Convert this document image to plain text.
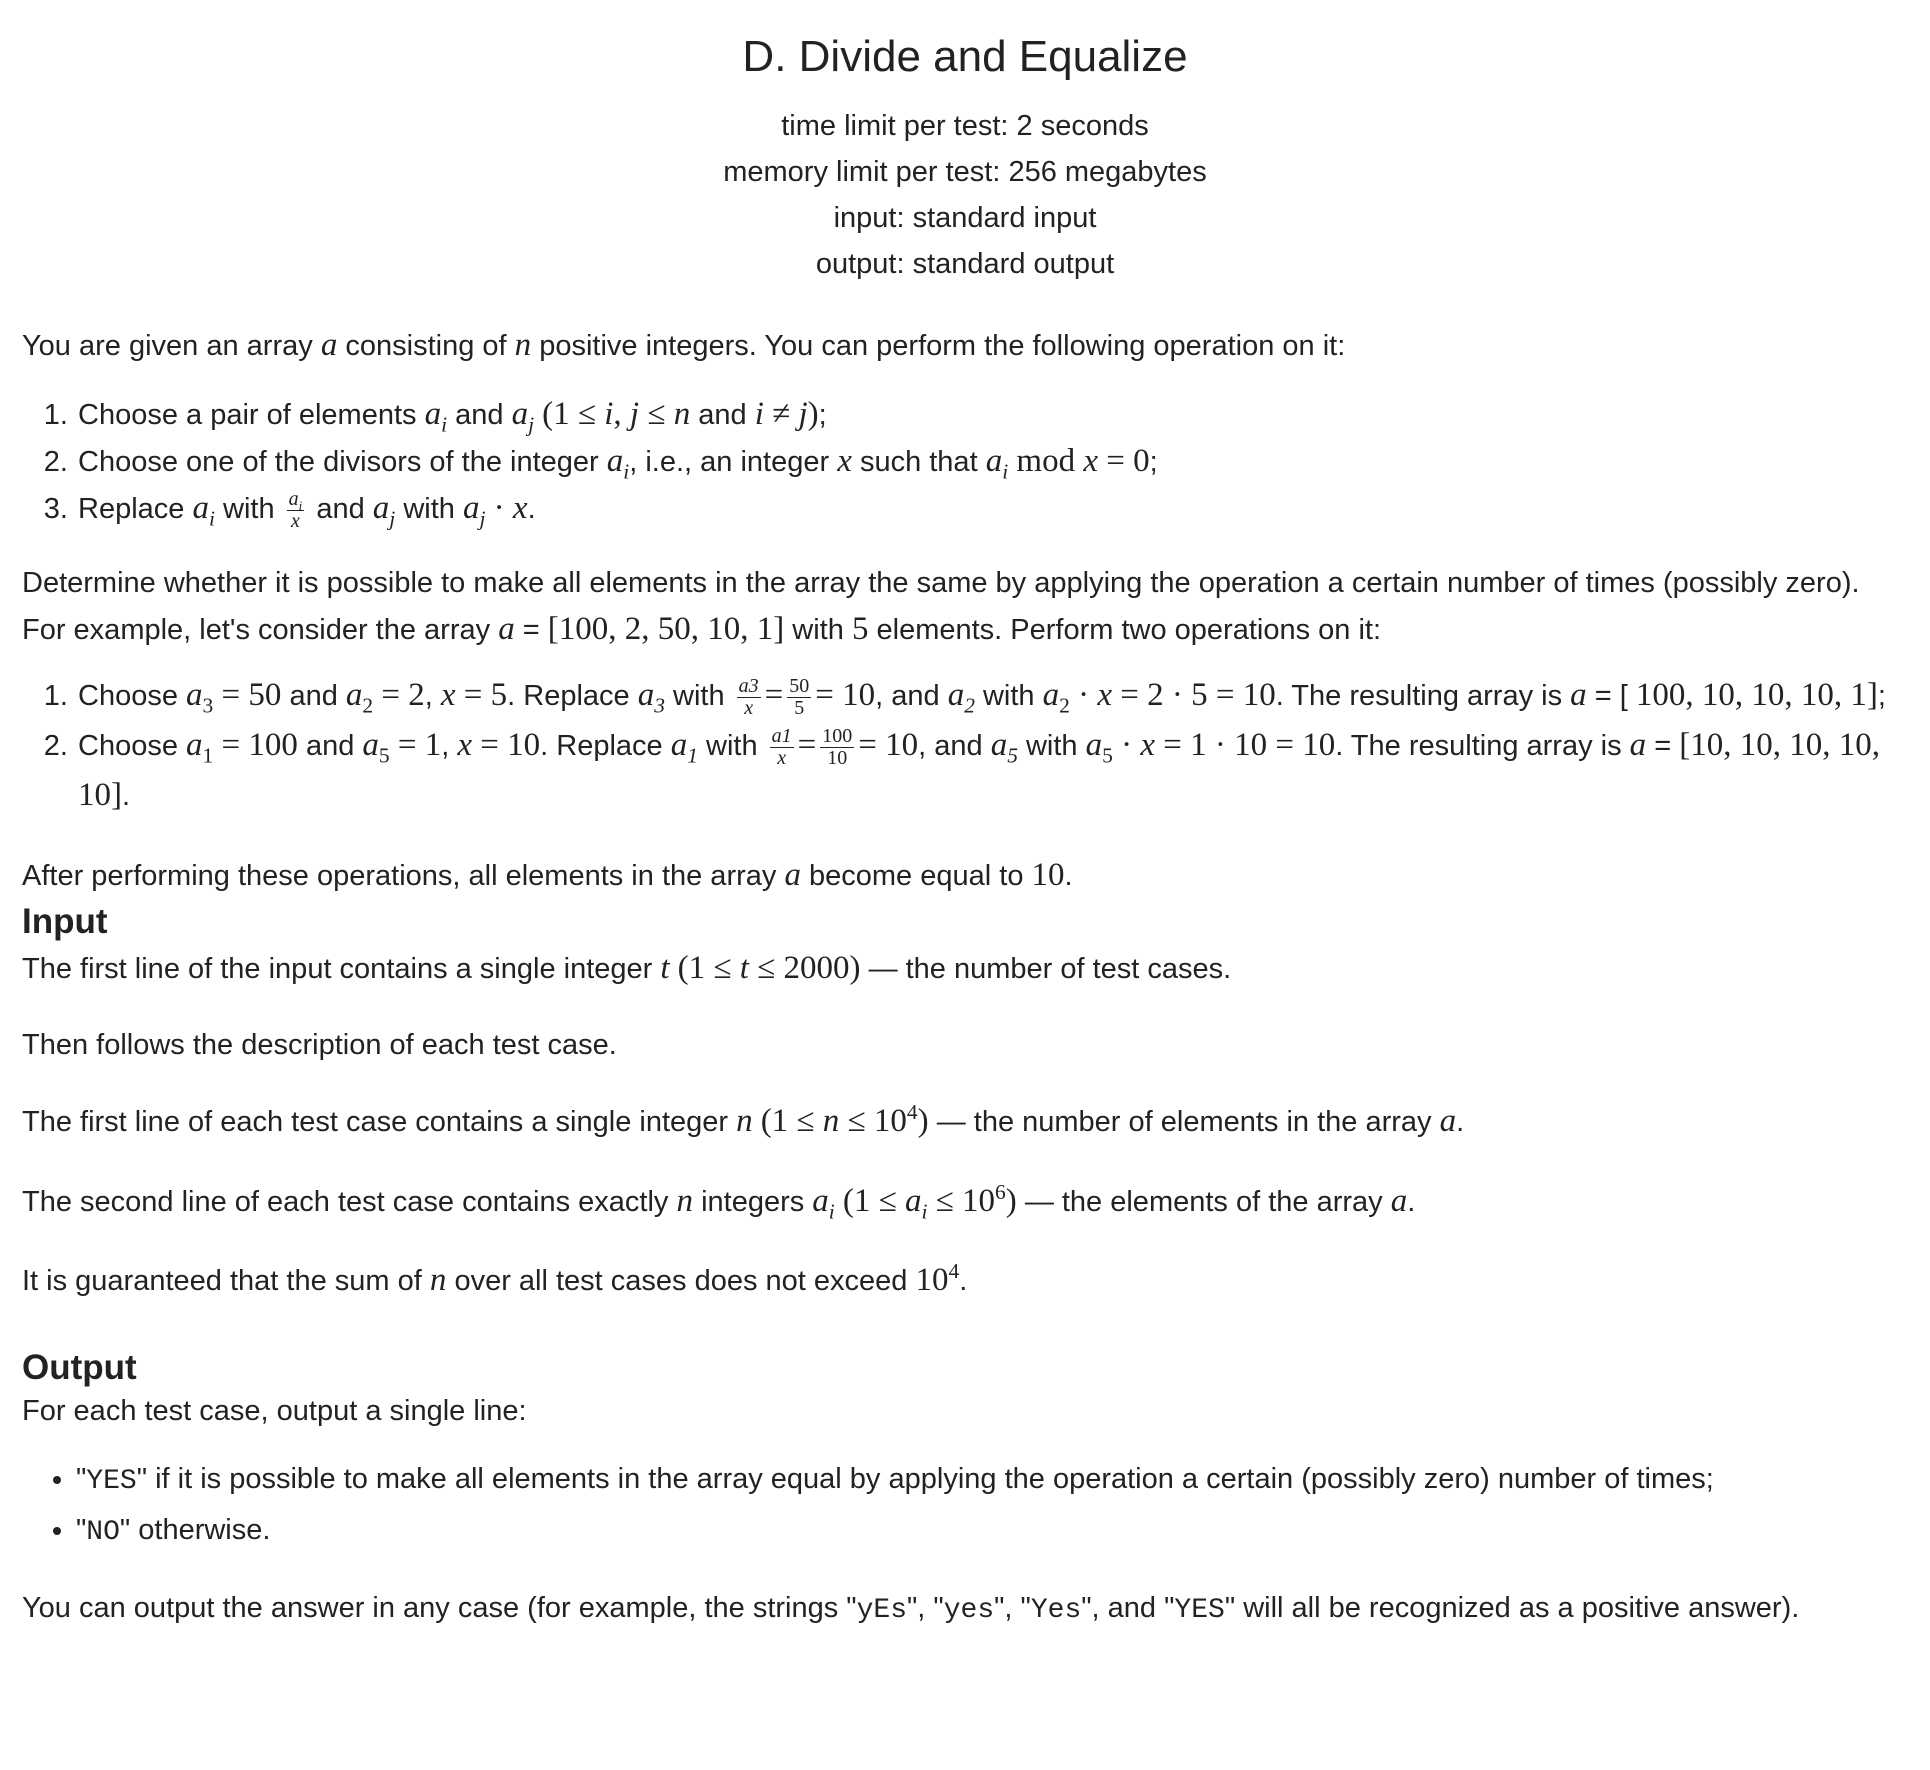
D. Divide and Equalize
time limit per test: 2 seconds
memory limit per test: 256 megabytes
input: standard input
output: standard output

You are given an array a consisting of n positive integers. You can perform the following operation on it:

1. Choose a pair of elements $a_i$ and $a_j$ (1 ≤ i, j ≤ n and i ≠ j);
2. Choose one of the divisors of the integer $a_i$, i.e., an integer x such that $a_i$ mod x = 0;
3. Replace $a_i$ with $\frac{a_i}{x}$ and $a_j$ with $a_j \cdot x$.

Determine whether it is possible to make all elements in the array the same by applying the operation a certain number of times (possibly zero).

For example, let's consider the array a = [100, 2, 50, 10, 1] with 5 elements. Perform two operations on it:

1. Choose $a_3 = 50$ and $a_2 = 2$, x = 5. Replace $a_3$ with $\frac{a3}{x} = \frac{50}{5} = 10$, and $a_2$ with $a_2 \cdot x = 2 \cdot 5 = 10$. The resulting array is a = [ 100, 10, 10, 10, 1];
2. Choose $a_1 = 100$ and $a_5 = 1$, x = 10. Replace $a_1$ with $\frac{a1}{x} = \frac{100}{10} = 10$, and $a_5$ with $a_5 \cdot x = 1 \cdot 10 = 10$. The resulting array is a = [10, 10, 10, 10, 10].

After performing these operations, all elements in the array a become equal to 10.

Input

The first line of the input contains a single integer t (1 ≤ t ≤ 2000) — the number of test cases.

Then follows the description of each test case.

The first line of each test case contains a single integer n $(1 \le n \le 10^4)$ — the number of elements in the array a.

The second line of each test case contains exactly n integers $a_i$ $(1 \le a_i \le 10^6)$ — the elements of the array a.

It is guaranteed that the sum of n over all test cases does not exceed $10^4$.

Output

For each test case, output a single line:

• "YES" if it is possible to make all elements in the array equal by applying the operation a certain (possibly zero) number of times;
• "NO" otherwise.

You can output the answer in any case (for example, the strings "yEs", "yes", "Yes", and "YES" will all be recognized as a positive answer).
